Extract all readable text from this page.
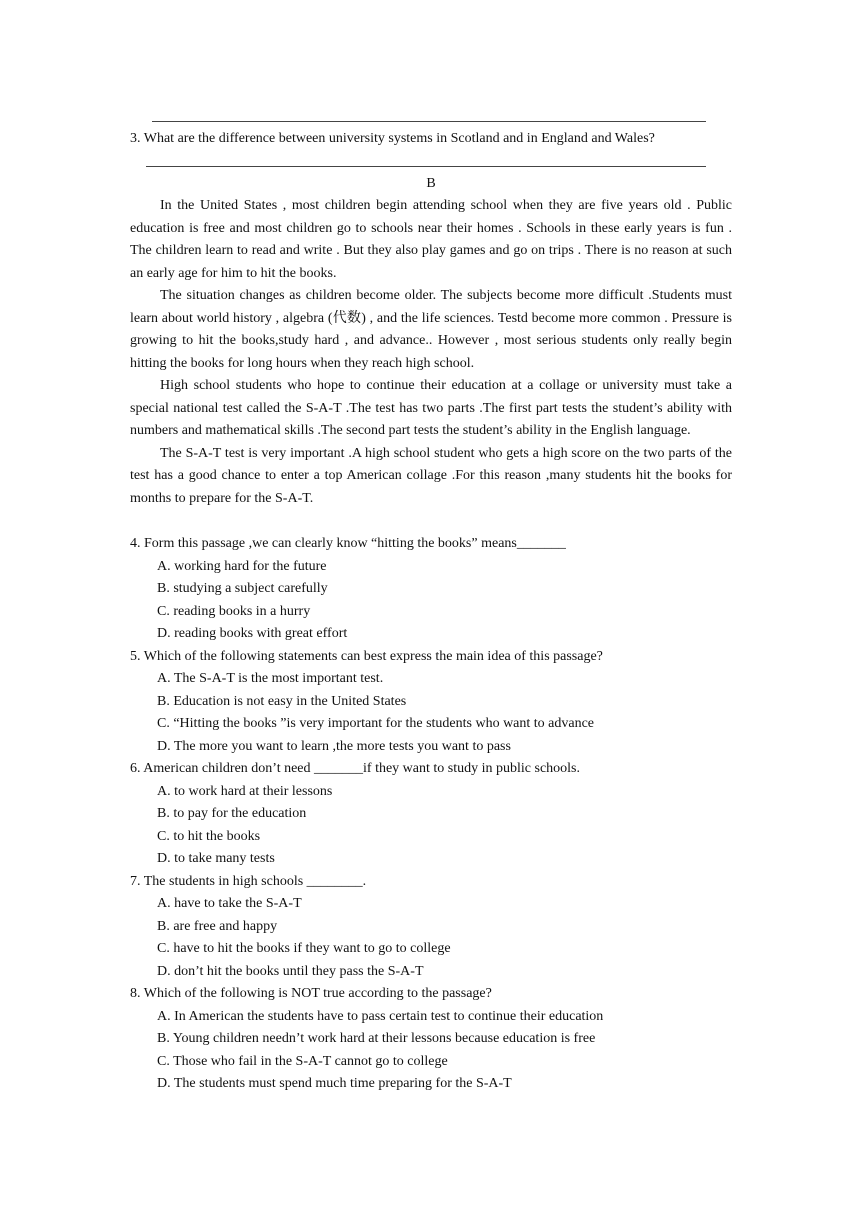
3. What are the difference between university systems in Scotland and in England and Wales?
B

In the United States , most children begin attending school when they are five years old . Public education is free and most children go to schools near their homes . Schools in these early years is fun . The children learn to read and write . But they also play games and go on trips . There is no reason at such an early age for him to hit the books.

The situation changes as children become older. The subjects become more difficult .Students must learn about world history , algebra (代数) , and the life sciences. Testd become more common . Pressure is growing to hit the books,study hard , and advance.. However , most serious students only really begin hitting the books for long hours when they reach high school.

High school students who hope to continue their education at a collage or university must take a special national test called the S-A-T .The test has two parts .The first part tests the student’s ability with numbers and mathematical skills .The second part tests the student’s ability in the English language.

The S-A-T test is very important .A high school student who gets a high score on the two parts of the test has a good chance to enter a top American collage .For this reason ,many students hit the books for months to prepare for the S-A-T.

4. Form this passage ,we can clearly know “hitting the books” means_______
A. working hard for the future
B. studying a subject carefully
C. reading books in a hurry
D. reading books with great effort
5. Which of the following statements can best express the main idea of this passage?
A. The S-A-T is the most important test.
B. Education is not easy in the United States
C. “Hitting the books ”is very important for the students who want to advance
D. The more you want to learn ,the more tests you want to pass
6. American children don’t need _______if they want to study in public schools.
A. to work hard at their lessons
B. to pay for the education
C. to hit the books
D. to take many tests
7. The students in high schools ________.
A. have to take the S-A-T
B. are free and happy
C. have to hit the books if they want to go to college
D. don’t hit the books until they pass the S-A-T
8. Which of the following is NOT true according to the passage?
A. In American the students have to pass certain test to continue their education
B. Young children needn’t work hard at their lessons because education is free
C. Those who fail in the S-A-T cannot go to college
D. The students must spend much time preparing for the S-A-T
